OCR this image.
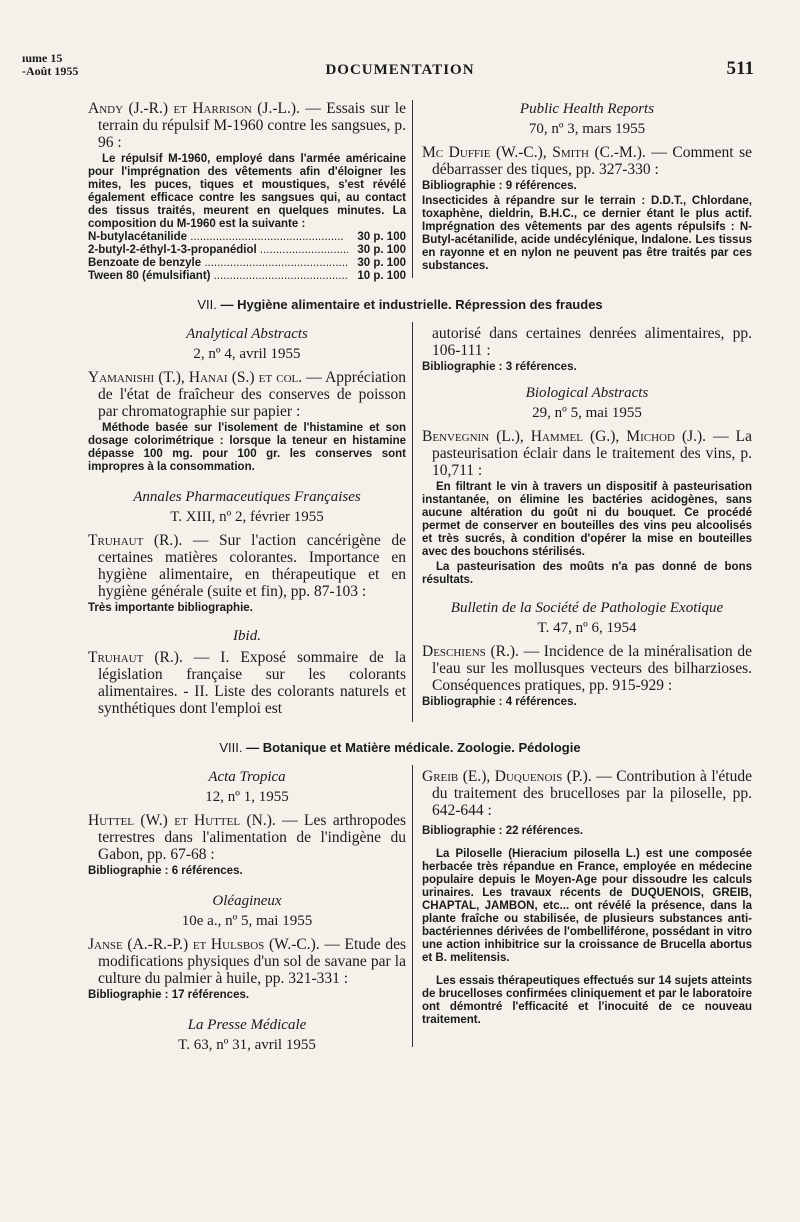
ıume 15
-Août 1955	DOCUMENTATION	511

Andy (J.-R.) et Harrison (J.-L.). — Essais sur le terrain du répulsif M-1960 contre les sangsues, p. 96 :

Le répulsif M-1960, employé dans l'armée américaine pour l'imprégnation des vêtements afin d'éloigner les mites, les puces, tiques et moustiques, s'est révélé également efficace contre les sangsues qui, au contact des tissus traités, meurent en quelques minutes. La composition du M-1960 est la suivante :

N-butylacétanilide .....	30 p. 100
2-butyl-2-éthyl-1-3-propanédiol .....	30 p. 100
Benzoate de benzyle .....	30 p. 100
Tween 80 (émulsifiant) .....	10 p. 100

Public Health Reports

70, nº 3, mars 1955

Mc Duffie (W.-C.), Smith (C.-M.). — Comment se débarrasser des tiques, pp. 327-330 :

Bibliographie : 9 références.

Insecticides à répandre sur le terrain : D.D.T., Chlordane, toxaphène, dieldrin, B.H.C., ce dernier étant le plus actif. Imprégnation des vêtements par des agents répulsifs : N-Butyl-acétanilide, acide undécylénique, Indalone. Les tissus en rayonne et en nylon ne peuvent pas être traités par ces substances.

VII. — Hygiène alimentaire et industrielle. Répression des fraudes

Analytical Abstracts

2, nº 4, avril 1955

Yamanishi (T.), Hanai (S.) et col. — Appréciation de l'état de fraîcheur des conserves de poisson par chromatographie sur papier :

Méthode basée sur l'isolement de l'histamine et son dosage colorimétrique : lorsque la teneur en histamine dépasse 100 mg. pour 100 gr. les conserves sont impropres à la consommation.

Annales Pharmaceutiques Françaises

T. XIII, nº 2, février 1955

Truhaut (R.). — Sur l'action cancérigène de certaines matières colorantes. Importance en hygiène alimentaire, en thérapeutique et en hygiène générale (suite et fin), pp. 87-103 :

Très importante bibliographie.

Ibid.

Truhaut (R.). — I. Exposé sommaire de la législation française sur les colorants alimentaires. - II. Liste des colorants naturels et synthétiques dont l'emploi est

autorisé dans certaines denrées alimentaires, pp. 106-111 :

Bibliographie : 3 références.

Biological Abstracts

29, nº 5, mai 1955

Benvegnin (L.), Hammel (G.), Michod (J.). — La pasteurisation éclair dans le traitement des vins, p. 10,711 :

En filtrant le vin à travers un dispositif à pasteurisation instantanée, on élimine les bactéries acidogènes, sans aucune altération du goût ni du bouquet. Ce procédé permet de conserver en bouteilles des vins peu alcoolisés et très sucrés, à condition d'opérer la mise en bouteilles avec des bouchons stérilisés.

La pasteurisation des moûts n'a pas donné de bons résultats.

Bulletin de la Société de Pathologie Exotique

T. 47, nº 6, 1954

Deschiens (R.). — Incidence de la minéralisation de l'eau sur les mollusques vecteurs des bilharzioses. Conséquences pratiques, pp. 915-929 :

Bibliographie : 4 références.

VIII. — Botanique et Matière médicale. Zoologie. Pédologie

Acta Tropica

12, nº 1, 1955

Huttel (W.) et Huttel (N.). — Les arthropodes terrestres dans l'alimentation de l'indigène du Gabon, pp. 67-68 :

Bibliographie : 6 références.

Oléagineux

10e a., nº 5, mai 1955

Janse (A.-R.-P.) et Hulsbos (W.-C.). — Etude des modifications physiques d'un sol de savane par la culture du palmier à huile, pp. 321-331 :

Bibliographie : 17 références.

La Presse Médicale

T. 63, nº 31, avril 1955

Greib (E.), Duquenois (P.). — Contribution à l'étude du traitement des brucelloses par la piloselle, pp. 642-644 :

Bibliographie : 22 références.

La Piloselle (Hieracium pilosella L.) est une composée herbacée très répandue en France, employée en médecine populaire depuis le Moyen-Age pour dissoudre les calculs urinaires. Les travaux récents de DUQUENOIS, GREIB, CHAPTAL, JAMBON, etc... ont révélé la présence, dans la plante fraîche ou stabilisée, de plusieurs substances anti-bactériennes dérivées de l'ombelliférone, possédant in vitro une action inhibitrice sur la croissance de Brucella abortus et B. melitensis.

Les essais thérapeutiques effectués sur 14 sujets atteints de brucelloses confirmées cliniquement et par le laboratoire ont démontré l'efficacité et l'inocuité de ce nouveau traitement.
